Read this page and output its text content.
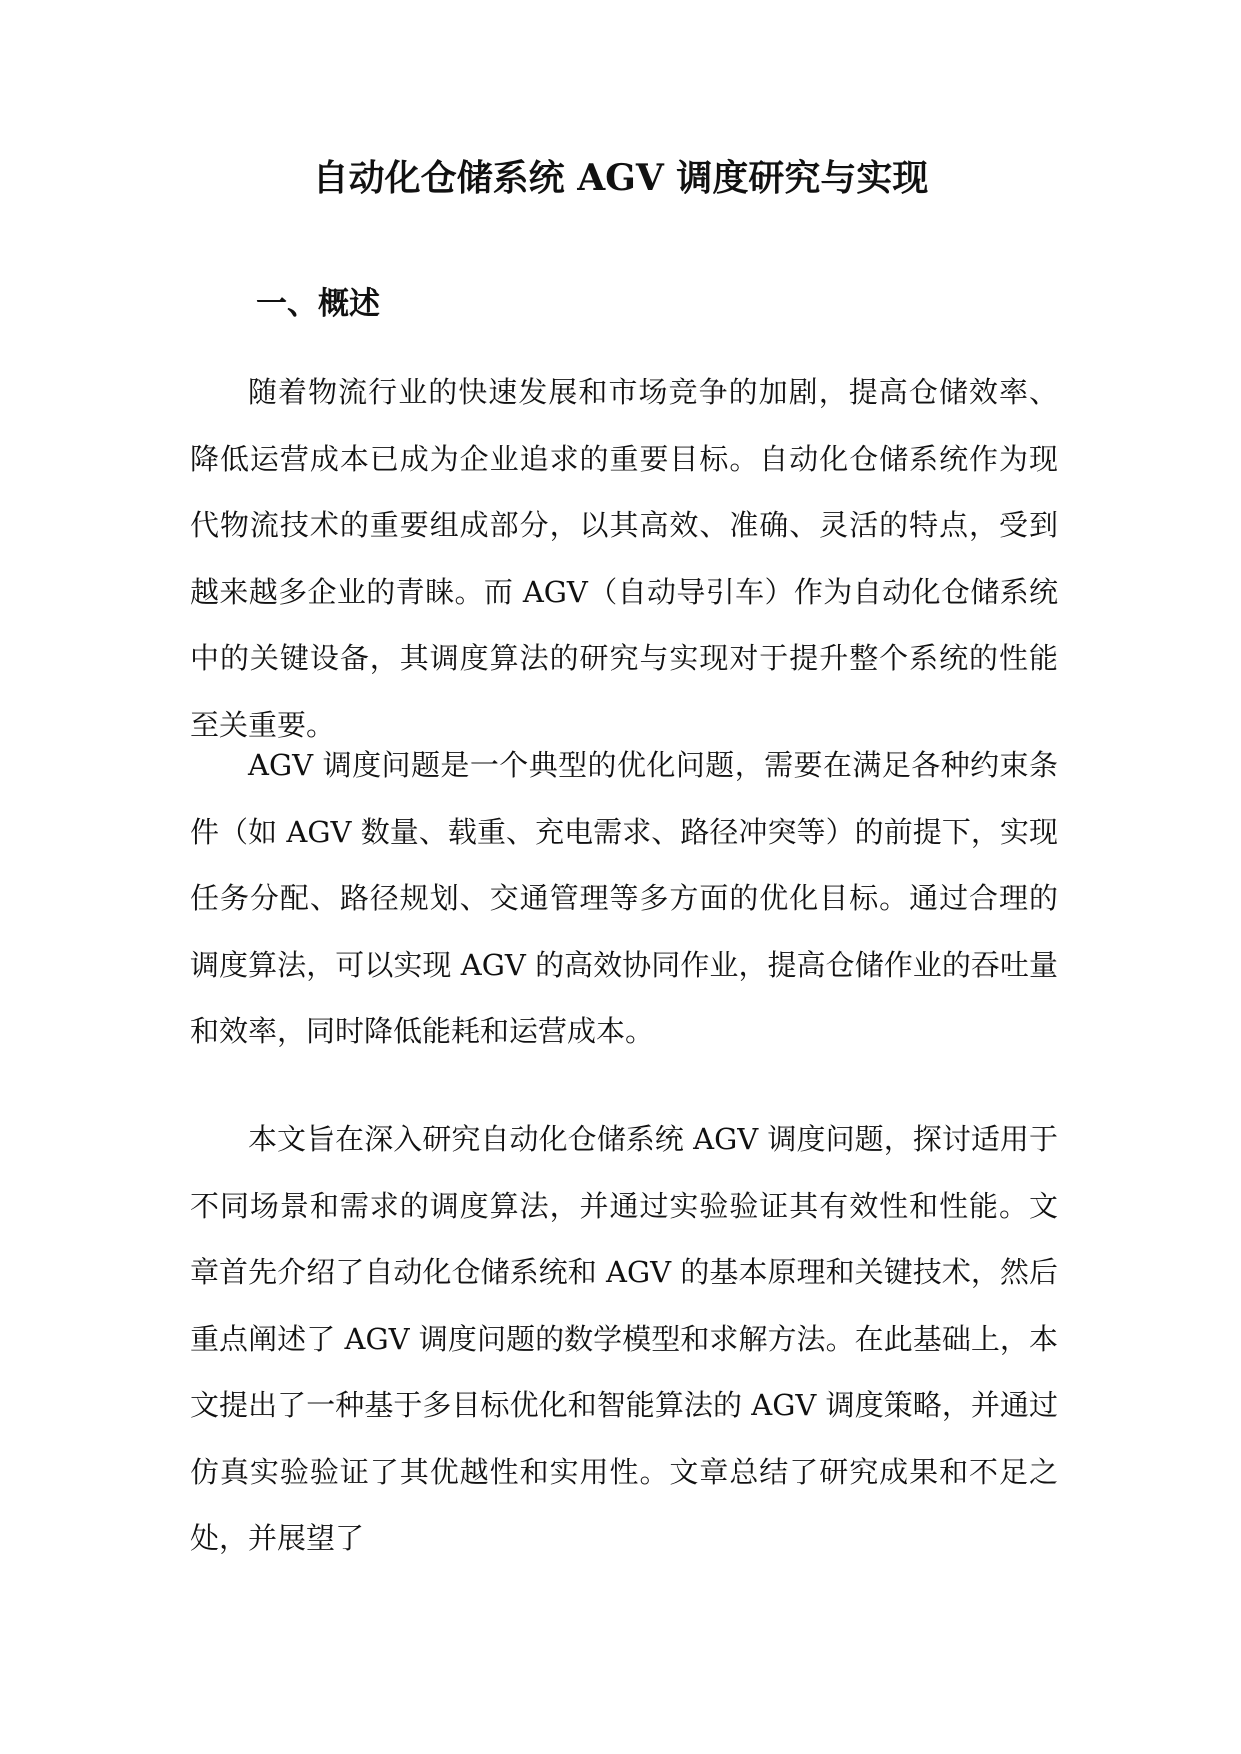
自动化仓储系统 AGV 调度研究与实现
一、概述

随着物流行业的快速发展和市场竞争的加剧，提高仓储效率、降低运营成本已成为企业追求的重要目标。自动化仓储系统作为现代物流技术的重要组成部分，以其高效、准确、灵活的特点，受到越来越多企业的青睐。而 AGV（自动导引车）作为自动化仓储系统中的关键设备，其调度算法的研究与实现对于提升整个系统的性能至关重要。

AGV 调度问题是一个典型的优化问题，需要在满足各种约束条件（如 AGV 数量、载重、充电需求、路径冲突等）的前提下，实现任务分配、路径规划、交通管理等多方面的优化目标。通过合理的调度算法，可以实现 AGV 的高效协同作业，提高仓储作业的吞吐量和效率，同时降低能耗和运营成本。

本文旨在深入研究自动化仓储系统 AGV 调度问题，探讨适用于不同场景和需求的调度算法，并通过实验验证其有效性和性能。文章首先介绍了自动化仓储系统和 AGV 的基本原理和关键技术，然后重点阐述了 AGV 调度问题的数学模型和求解方法。在此基础上，本文提出了一种基于多目标优化和智能算法的 AGV 调度策略，并通过仿真实验验证了其优越性和实用性。文章总结了研究成果和不足之处，并展望了
